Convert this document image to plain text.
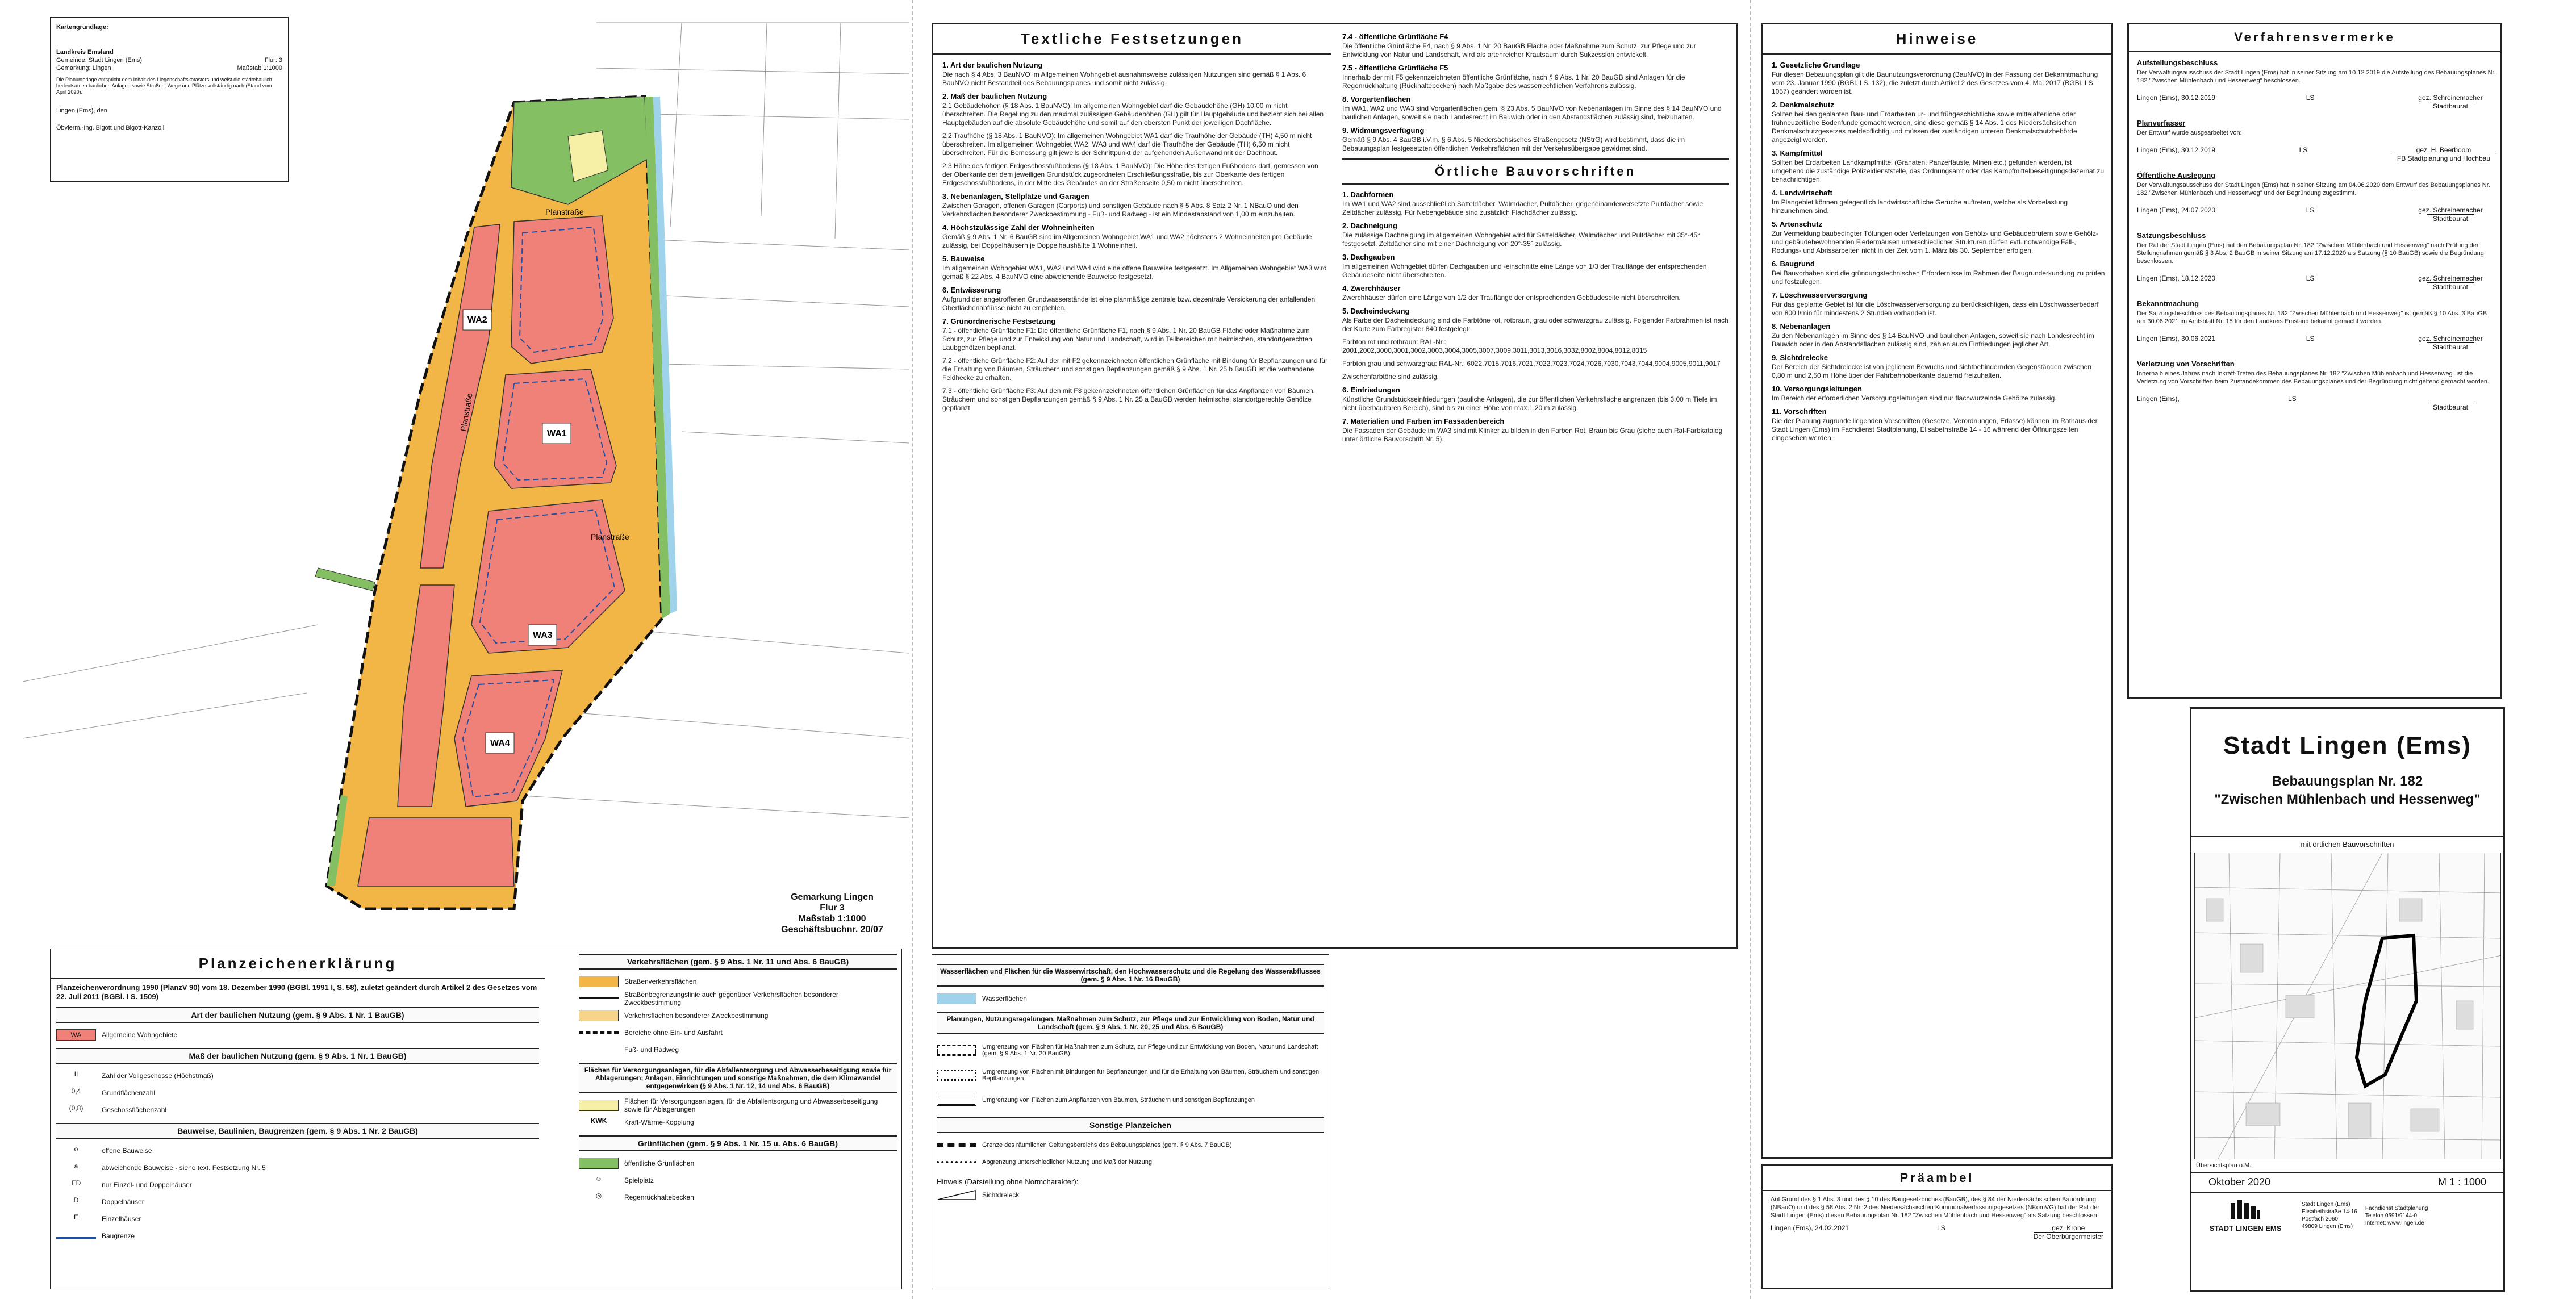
Kartengrundlage:
Landkreis Emsland
Gemeinde: Stadt Lingen (Ems)	Flur: 3
Gemarkung: Lingen	Maßstab 1:1000
Die Planunterlage entspricht dem Inhalt des Liegenschaftskatasters und weist die städtebaulich bedeutsamen baulichen Anlagen sowie Straßen, Wege und Plätze vollständig nach (Stand vom April 2020).
Lingen (Ems), den
Öbvierm.-Ing. Bigott und Bigott-Kanzoll
Planstraße
Planstraße
Planstraße
WA2
WA1
WA3
WA4
Gemarkung Lingen
Flur 3
Maßstab 1:1000
Geschäftsbuchnr. 20/07
Planzeichenerklärung
Planzeichenverordnung 1990 (PlanzV 90) vom 18. Dezember 1990 (BGBl. 1991 I, S. 58), zuletzt geändert durch Artikel 2 des Gesetzes vom 22. Juli 2011 (BGBl. I S. 1509)
Art der baulichen Nutzung (gem. § 9 Abs. 1 Nr. 1 BauGB)
WA	Allgemeine Wohngebiete
Maß der baulichen Nutzung (gem. § 9 Abs. 1 Nr. 1 BauGB)
II	Zahl der Vollgeschosse (Höchstmaß)
0,4	Grundflächenzahl
(0,8)	Geschossflächenzahl
Bauweise, Baulinien, Baugrenzen (gem. § 9 Abs. 1 Nr. 2 BauGB)
o	offene Bauweise
a	abweichende Bauweise - siehe text. Festsetzung Nr. 5
ED	nur Einzel- und Doppelhäuser
D	Doppelhäuser
E	Einzelhäuser
Baugrenze
Verkehrsflächen (gem. § 9 Abs. 1 Nr. 11 und Abs. 6 BauGB)
Straßenverkehrsflächen
Straßenbegrenzungslinie auch gegenüber Verkehrsflächen besonderer Zweckbestimmung
Verkehrsflächen besonderer Zweckbestimmung
Bereiche ohne Ein- und Ausfahrt
Fuß- und Radweg
Flächen für Versorgungsanlagen, für die Abfallentsorgung und Abwasserbeseitigung sowie für Ablagerungen; Anlagen, Einrichtungen und sonstige Maßnahmen, die dem Klimawandel entgegenwirken (§ 9 Abs. 1 Nr. 12, 14 und Abs. 6 BauGB)
Flächen für Versorgungsanlagen, für die Abfallentsorgung und Abwasserbeseitigung sowie für Ablagerungen
KWK	Kraft-Wärme-Kopplung
Grünflächen (gem. § 9 Abs. 1 Nr. 15 u. Abs. 6 BauGB)
öffentliche Grünflächen
☺	Spielplatz
◎	Regenrückhaltebecken
Textliche Festsetzungen
1. Art der baulichen Nutzung
Die nach § 4 Abs. 3 BauNVO im Allgemeinen Wohngebiet ausnahmsweise zulässigen Nutzungen sind gemäß § 1 Abs. 6 BauNVO nicht Bestandteil des Bebauungsplanes und somit nicht zulässig.
2. Maß der baulichen Nutzung
2.1 Gebäudehöhen (§ 18 Abs. 1 BauNVO): Im allgemeinen Wohngebiet darf die Gebäudehöhe (GH) 10,00 m nicht überschreiten. Die Regelung zu den maximal zulässigen Gebäudehöhen (GH) gilt für Hauptgebäude und bezieht sich bei allen Hauptgebäuden auf die absolute Gebäudehöhe und somit auf den obersten Punkt der jeweiligen Dachfläche.
2.2 Traufhöhe (§ 18 Abs. 1 BauNVO): Im allgemeinen Wohngebiet WA1 darf die Traufhöhe der Gebäude (TH) 4,50 m nicht überschreiten. Im allgemeinen Wohngebiet WA2, WA3 und WA4 darf die Traufhöhe der Gebäude (TH) 6,50 m nicht überschreiten. Für die Bemessung gilt jeweils der Schnittpunkt der aufgehenden Außenwand mit der Dachhaut.
2.3 Höhe des fertigen Erdgeschossfußbodens (§ 18 Abs. 1 BauNVO): Die Höhe des fertigen Fußbodens darf, gemessen von der Oberkante der dem jeweiligen Grundstück zugeordneten Erschließungsstraße, bis zur Oberkante des fertigen Erdgeschossfußbodens, in der Mitte des Gebäudes an der Straßenseite 0,50 m nicht überschreiten.
3. Nebenanlagen, Stellplätze und Garagen
Zwischen Garagen, offenen Garagen (Carports) und sonstigen Gebäude nach § 5 Abs. 8 Satz 2 Nr. 1 NBauO und den Verkehrsflächen besonderer Zweckbestimmung - Fuß- und Radweg - ist ein Mindestabstand von 1,00 m einzuhalten.
4. Höchstzulässige Zahl der Wohneinheiten
Gemäß § 9 Abs. 1 Nr. 6 BauGB sind im Allgemeinen Wohngebiet WA1 und WA2 höchstens 2 Wohneinheiten pro Gebäude zulässig, bei Doppelhäusern je Doppelhaushälfte 1 Wohneinheit.
5. Bauweise
Im allgemeinen Wohngebiet WA1, WA2 und WA4 wird eine offene Bauweise festgesetzt. Im Allgemeinen Wohngebiet WA3 wird gemäß § 22 Abs. 4 BauNVO eine abweichende Bauweise festgesetzt.
6. Entwässerung
Aufgrund der angetroffenen Grundwasserstände ist eine planmäßige zentrale bzw. dezentrale Versickerung der anfallenden Oberflächenabflüsse nicht zu empfehlen.
7. Grünordnerische Festsetzung
7.1 - öffentliche Grünfläche F1: Die öffentliche Grünfläche F1, nach § 9 Abs. 1 Nr. 20 BauGB Fläche oder Maßnahme zum Schutz, zur Pflege und zur Entwicklung von Natur und Landschaft, wird in Teilbereichen mit heimischen, standortgerechten Laubgehölzen bepflanzt.
7.2 - öffentliche Grünfläche F2: Auf der mit F2 gekennzeichneten öffentlichen Grünfläche mit Bindung für Bepflanzungen und für die Erhaltung von Bäumen, Sträuchern und sonstigen Bepflanzungen gemäß § 9 Abs. 1 Nr. 25 b BauGB ist die vorhandene Feldhecke zu erhalten.
7.3 - öffentliche Grünfläche F3: Auf den mit F3 gekennzeichneten öffentlichen Grünflächen für das Anpflanzen von Bäumen, Sträuchern und sonstigen Bepflanzungen gemäß § 9 Abs. 1 Nr. 25 a BauGB werden heimische, standortgerechte Gehölze gepflanzt.
7.4 - öffentliche Grünfläche F4
Die öffentliche Grünfläche F4, nach § 9 Abs. 1 Nr. 20 BauGB Fläche oder Maßnahme zum Schutz, zur Pflege und zur Entwicklung von Natur und Landschaft, wird als artenreicher Krautsaum durch Sukzession entwickelt.
7.5 - öffentliche Grünfläche F5
Innerhalb der mit F5 gekennzeichneten öffentliche Grünfläche, nach § 9 Abs. 1 Nr. 20 BauGB sind Anlagen für die Regenrückhaltung (Rückhaltebecken) nach Maßgabe des wasserrechtlichen Verfahrens zulässig.
8. Vorgartenflächen
Im WA1, WA2 und WA3 sind Vorgartenflächen gem. § 23 Abs. 5 BauNVO von Nebenanlagen im Sinne des § 14 BauNVO und baulichen Anlagen, soweit sie nach Landesrecht im Bauwich oder in den Abstandsflächen zulässig sind, freizuhalten.
9. Widmungsverfügung
Gemäß § 9 Abs. 4 BauGB i.V.m. § 6 Abs. 5 Niedersächsisches Straßengesetz (NStrG) wird bestimmt, dass die im Bebauungsplan festgesetzten öffentlichen Verkehrsflächen mit der Verkehrsübergabe gewidmet sind.
Örtliche Bauvorschriften
1. Dachformen
Im WA1 und WA2 sind ausschließlich Satteldächer, Walmdächer, Pultdächer, gegeneinanderversetzte Pultdächer sowie Zeltdächer zulässig. Für Nebengebäude sind zusätzlich Flachdächer zulässig.
2. Dachneigung
Die zulässige Dachneigung im allgemeinen Wohngebiet wird für Satteldächer, Walmdächer und Pultdächer mit 35°-45° festgesetzt. Zeltdächer sind mit einer Dachneigung von 20°-35° zulässig.
3. Dachgauben
Im allgemeinen Wohngebiet dürfen Dachgauben und -einschnitte eine Länge von 1/3 der Trauflänge der entsprechenden Gebäudeseite nicht überschreiten.
4. Zwerchhäuser
Zwerchhäuser dürfen eine Länge von 1/2 der Trauflänge der entsprechenden Gebäudeseite nicht überschreiten.
5. Dacheindeckung
Als Farbe der Dacheindeckung sind die Farbtöne rot, rotbraun, grau oder schwarzgrau zulässig. Folgender Farbrahmen ist nach der Karte zum Farbregister 840 festgelegt:
Farbton rot und rotbraun: RAL-Nr.: 2001,2002,3000,3001,3002,3003,3004,3005,3007,3009,3011,3013,3016,3032,8002,8004,8012,8015
Farbton grau und schwarzgrau: RAL-Nr.: 6022,7015,7016,7021,7022,7023,7024,7026,7030,7043,7044,9004,9005,9011,9017
Zwischenfarbtöne sind zulässig.
6. Einfriedungen
Künstliche Grundstückseinfriedungen (bauliche Anlagen), die zur öffentlichen Verkehrsfläche angrenzen (bis 3,00 m Tiefe im nicht überbaubaren Bereich), sind bis zu einer Höhe von max.1,20 m zulässig.
7. Materialien und Farben im Fassadenbereich
Die Fassaden der Gebäude im WA3 sind mit Klinker zu bilden in den Farben Rot, Braun bis Grau (siehe auch Ral-Farbkatalog unter örtliche Bauvorschrift Nr. 5).
Wasserflächen und Flächen für die Wasserwirtschaft, den Hochwasserschutz und die Regelung des Wasserabflusses (gem. § 9 Abs. 1 Nr. 16 BauGB)
Wasserflächen
Planungen, Nutzungsregelungen, Maßnahmen zum Schutz, zur Pflege und zur Entwicklung von Boden, Natur und Landschaft (gem. § 9 Abs. 1 Nr. 20, 25 und Abs. 6 BauGB)
Umgrenzung von Flächen für Maßnahmen zum Schutz, zur Pflege und zur Entwicklung von Boden, Natur und Landschaft (gem. § 9 Abs. 1 Nr. 20 BauGB)
Umgrenzung von Flächen mit Bindungen für Bepflanzungen und für die Erhaltung von Bäumen, Sträuchern und sonstigen Bepflanzungen
Umgrenzung von Flächen zum Anpflanzen von Bäumen, Sträuchern und sonstigen Bepflanzungen
Sonstige Planzeichen
Grenze des räumlichen Geltungsbereichs des Bebauungsplanes (gem. § 9 Abs. 7 BauGB)
Abgrenzung unterschiedlicher Nutzung und Maß der Nutzung
Hinweis (Darstellung ohne Normcharakter):
Sichtdreieck
Hinweise
1. Gesetzliche Grundlage
Für diesen Bebauungsplan gilt die Baunutzungsverordnung (BauNVO) in der Fassung der Bekanntmachung vom 23. Januar 1990 (BGBl. I S. 132), die zuletzt durch Artikel 2 des Gesetzes vom 4. Mai 2017 (BGBl. I S. 1057) geändert worden ist.
2. Denkmalschutz
Sollten bei den geplanten Bau- und Erdarbeiten ur- und frühgeschichtliche sowie mittelalterliche oder frühneuzeitliche Bodenfunde gemacht werden, sind diese gemäß § 14 Abs. 1 des Niedersächsischen Denkmalschutzgesetzes meldepflichtig und müssen der zuständigen unteren Denkmalschutzbehörde angezeigt werden.
3. Kampfmittel
Sollten bei Erdarbeiten Landkampfmittel (Granaten, Panzerfäuste, Minen etc.) gefunden werden, ist umgehend die zuständige Polizeidienststelle, das Ordnungsamt oder das Kampfmittelbeseitigungsdezernat zu benachrichtigen.
4. Landwirtschaft
Im Plangebiet können gelegentlich landwirtschaftliche Gerüche auftreten, welche als Vorbelastung hinzunehmen sind.
5. Artenschutz
Zur Vermeidung baubedingter Tötungen oder Verletzungen von Gehölz- und Gebäudebrütern sowie Gehölz- und gebäudebewohnenden Fledermäusen unterschiedlicher Strukturen dürfen evtl. notwendige Fäll-, Rodungs- und Abrissarbeiten nicht in der Zeit vom 1. März bis 30. September erfolgen.
6. Baugrund
Bei Bauvorhaben sind die gründungstechnischen Erfordernisse im Rahmen der Baugrunderkundung zu prüfen und festzulegen.
7. Löschwasserversorgung
Für das geplante Gebiet ist für die Löschwasserversorgung zu berücksichtigen, dass ein Löschwasserbedarf von 800 l/min für mindestens 2 Stunden vorhanden ist.
8. Nebenanlagen
Zu den Nebenanlagen im Sinne des § 14 BauNVO und baulichen Anlagen, soweit sie nach Landesrecht im Bauwich oder in den Abstandsflächen zulässig sind, zählen auch Einfriedungen jeglicher Art.
9. Sichtdreiecke
Der Bereich der Sichtdreiecke ist von jeglichem Bewuchs und sichtbehindernden Gegenständen zwischen 0,80 m und 2,50 m Höhe über der Fahrbahnoberkante dauernd freizuhalten.
10. Versorgungsleitungen
Im Bereich der erforderlichen Versorgungsleitungen sind nur flachwurzelnde Gehölze zulässig.
11. Vorschriften
Die der Planung zugrunde liegenden Vorschriften (Gesetze, Verordnungen, Erlasse) können im Rathaus der Stadt Lingen (Ems) im Fachdienst Stadtplanung, Elisabethstraße 14 - 16 während der Öffnungszeiten eingesehen werden.
Präambel
Auf Grund des § 1 Abs. 3 und des § 10 des Baugesetzbuches (BauGB), des § 84 der Niedersächsischen Bauordnung (NBauO) und des § 58 Abs. 2 Nr. 2 des Niedersächsischen Kommunalverfassungsgesetzes (NKomVG) hat der Rat der Stadt Lingen (Ems) diesen Bebauungsplan Nr. 182 "Zwischen Mühlenbach und Hessenweg" als Satzung beschlossen.
Lingen (Ems), 24.02.2021	LS	gez. Krone
Der Oberbürgermeister
Verfahrensvermerke
Aufstellungsbeschluss
Der Verwaltungsausschuss der Stadt Lingen (Ems) hat in seiner Sitzung am 10.12.2019 die Aufstellung des Bebauungsplanes Nr. 182 "Zwischen Mühlenbach und Hessenweg" beschlossen.
Lingen (Ems), 30.12.2019	LS	gez. Schreinemacher
Stadtbaurat
Planverfasser
Der Entwurf wurde ausgearbeitet von:
Lingen (Ems), 30.12.2019	LS	gez. H. Beerboom
FB Stadtplanung und Hochbau
Öffentliche Auslegung
Der Verwaltungsausschuss der Stadt Lingen (Ems) hat in seiner Sitzung am 04.06.2020 dem Entwurf des Bebauungsplanes Nr. 182 "Zwischen Mühlenbach und Hessenweg" und der Begründung zugestimmt.
Lingen (Ems), 24.07.2020	LS	gez. Schreinemacher
Stadtbaurat
Satzungsbeschluss
Der Rat der Stadt Lingen (Ems) hat den Bebauungsplan Nr. 182 "Zwischen Mühlenbach und Hessenweg" nach Prüfung der Stellungnahmen gemäß § 3 Abs. 2 BauGB in seiner Sitzung am 17.12.2020 als Satzung (§ 10 BauGB) sowie die Begründung beschlossen.
Lingen (Ems), 18.12.2020	LS	gez. Schreinemacher
Stadtbaurat
Bekanntmachung
Der Satzungsbeschluss des Bebauungsplanes Nr. 182 "Zwischen Mühlenbach und Hessenweg" ist gemäß § 10 Abs. 3 BauGB am 30.06.2021 im Amtsblatt Nr. 15 für den Landkreis Emsland bekannt gemacht worden.
Lingen (Ems), 30.06.2021	LS	gez. Schreinemacher
Stadtbaurat
Verletzung von Vorschriften
Innerhalb eines Jahres nach Inkraft-Treten des Bebauungsplanes Nr. 182 "Zwischen Mühlenbach und Hessenweg" ist die Verletzung von Vorschriften beim Zustandekommen des Bebauungsplanes und der Begründung nicht geltend gemacht worden.
Lingen (Ems),	LS

Stadtbaurat
Stadt Lingen (Ems)
Bebauungsplan Nr. 182
"Zwischen Mühlenbach und Hessenweg"
mit örtlichen Bauvorschriften
Übersichtsplan o.M.
Oktober 2020	M 1 : 1000
STADT LINGEN EMS
Stadt Lingen (Ems)
Elisabethstraße 14-16
Postfach 2060
49809 Lingen (Ems)
Fachdienst Stadtplanung
Telefon 0591/9144-0
Internet: www.lingen.de
